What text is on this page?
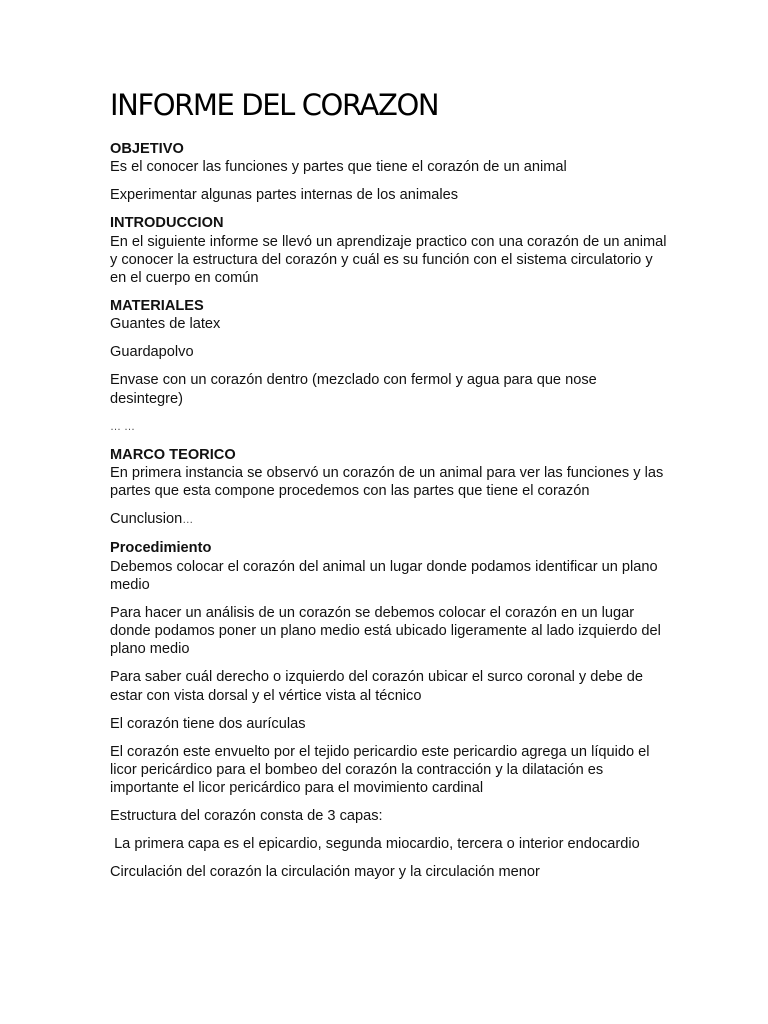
INFORME DEL CORAZON

OBJETIVO

Es el conocer las funciones y partes que tiene el corazón de un animal

Experimentar algunas partes internas de los animales

INTRODUCCION

En el siguiente informe se llevó un aprendizaje practico con una corazón de un animal y conocer la estructura del corazón y cuál es su función con el sistema circulatorio y en el cuerpo en común

MATERIALES

Guantes de latex

Guardapolvo

Envase con un corazón dentro (mezclado con fermol y agua para que nose desintegre)

… …

MARCO TEORICO

En primera instancia se observó un corazón de un animal para ver las funciones y las partes que esta compone procedemos con las partes que tiene el corazón

Cunclusion…

Procedimiento

Debemos colocar el corazón del animal un lugar donde podamos identificar un plano medio

Para hacer un análisis de un corazón se debemos colocar el corazón en un lugar donde podamos poner un plano medio está ubicado ligeramente al lado izquierdo del plano medio

Para saber cuál derecho o izquierdo del corazón ubicar el surco coronal y debe de estar con vista dorsal y el vértice vista al técnico

El corazón tiene dos aurículas

El corazón este envuelto por el tejido pericardio este pericardio agrega un líquido el licor pericárdico para el bombeo del corazón la contracción y la dilatación es importante el licor pericárdico para el movimiento cardinal

Estructura del corazón consta de 3 capas:

La primera capa es el epicardio, segunda miocardio, tercera o interior endocardio

Circulación del corazón la circulación mayor y la circulación menor
